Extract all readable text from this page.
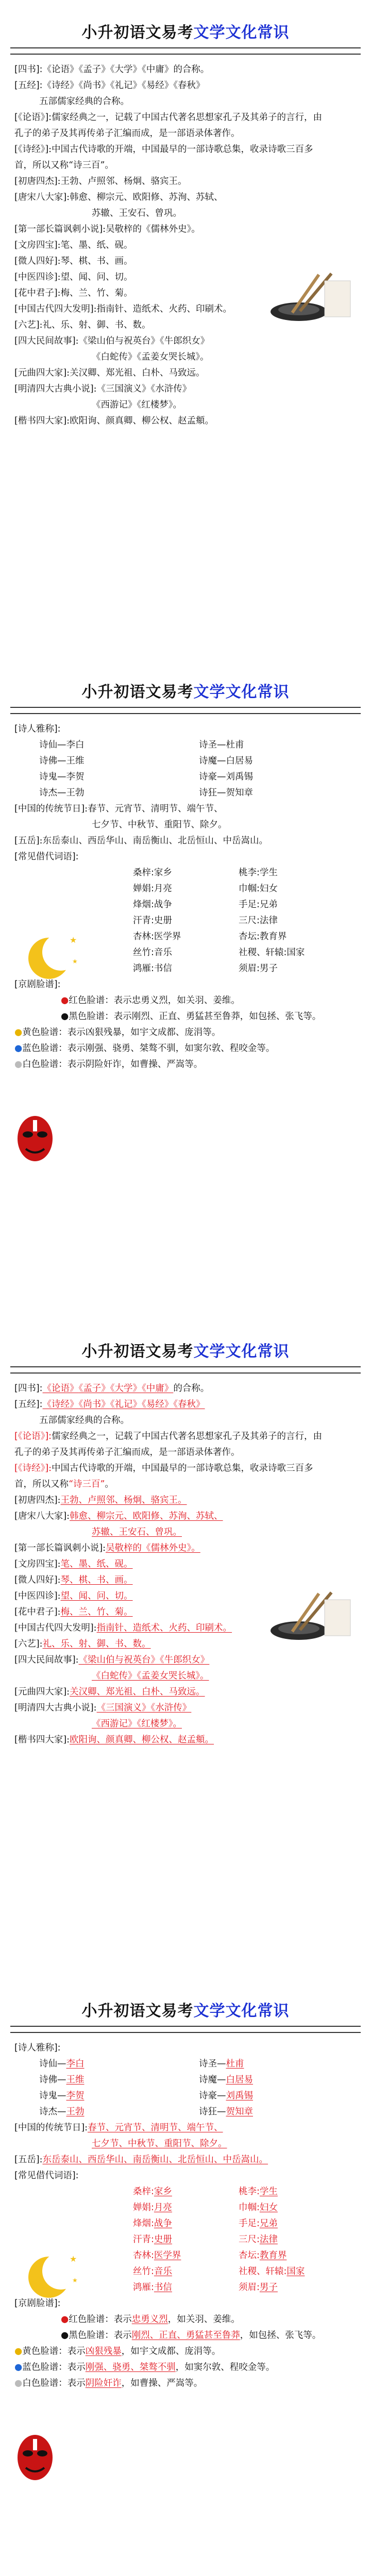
小升初语文易考文学文化常识
[四书]:《论语》《孟子》《大学》《中庸》的合称。
[五经]:《诗经》《尚书》《礼记》《易经》《春秋》
五部儒家经典的合称。
[《论语》]:儒家经典之一，记载了中国古代著名思想家孔子及其弟子的言行，由孔子的弟子及其再传弟子汇编而成，是一部语录体著作。
[《诗经》]:中国古代诗歌的开端，中国最早的一部诗歌总集，收录诗歌三百多首，所以又称“诗三百”。
[初唐四杰]:王勃、卢照邻、杨炯、骆宾王。
[唐宋八大家]:韩愈、柳宗元、欧阳修、苏洵、苏轼、
苏辙、王安石、曾巩。
[第一部长篇讽刺小说]:吴敬梓的《儒林外史》。
[文房四宝]:笔、墨、纸、砚。
[微人四好]:琴、棋、书、画。
[中医四诊]:望、闻、问、切。
[花中君子]:梅、兰、竹、菊。
[中国古代四大发明]:指南针、造纸术、火药、印刷术。
[六艺]:礼、乐、射、御、书、数。
[四大民间故事]:《梁山伯与祝英台》《牛郎织女》
《白蛇传》《孟姜女哭长城》。
[元曲四大家]:关汉卿、郑光祖、白朴、马致远。
[明清四大古典小说]:《三国演义》《水浒传》
《西游记》《红楼梦》。
[楷书四大家]:欧阳询、颜真卿、柳公权、赵孟頫。
小升初语文易考文学文化常识
[诗人雅称]:
诗仙—李白	诗圣—杜甫
诗佛—王维	诗魔—白居易
诗鬼—李贺	诗豪—刘禹锡
诗杰—王勃	诗狂—贺知章
[中国的传统节日]:春节、元宵节、清明节、端午节、
七夕节、中秋节、重阳节、除夕。
[五岳]:东岳泰山、西岳华山、南岳衡山、北岳恒山、中岳嵩山。
[常见借代词语]:
桑梓:家乡	桃李:学生
婵娟:月亮	巾帼:妇女
烽烟:战争	手足:兄弟
汗青:史册	三尺:法律
杏林:医学界	杏坛:教育界
丝竹:音乐	社稷、轩辕:国家
鸿雁:书信	须眉:男子
[京剧脸谱]:
●红色脸谱：表示忠勇义烈，如关羽、姜维。
●黑色脸谱：表示刚烈、正直、勇猛甚至鲁莽，如包拯、张飞等。
●黄色脸谱：表示凶狠残暴，如宇文成都、庞涓等。
●蓝色脸谱：表示刚强、骁勇、桀骜不驯，如窦尔敦、程咬金等。
●白色脸谱：表示阴险奸诈，如曹操、严嵩等。
★
★
小升初语文易考文学文化常识
[四书]:《论语》《孟子》《大学》《中庸》的合称。
[五经]:《诗经》《尚书》《礼记》《易经》《春秋》
五部儒家经典的合称。
[《论语》]:儒家经典之一，记载了中国古代著名思想家孔子及其弟子的言行，由孔子的弟子及其再传弟子汇编而成，是一部语录体著作。
[《诗经》]:中国古代诗歌的开端，中国最早的一部诗歌总集，收录诗歌三百多首，所以又称“诗三百”。
[初唐四杰]:王勃、卢照邻、杨炯、骆宾王。
[唐宋八大家]:韩愈、柳宗元、欧阳修、苏洵、苏轼、
苏辙、王安石、曾巩。
[第一部长篇讽刺小说]:吴敬梓的《儒林外史》。
[文房四宝]:笔、墨、纸、砚。
[微人四好]:琴、棋、书、画。
[中医四诊]:望、闻、问、切。
[花中君子]:梅、兰、竹、菊。
[中国古代四大发明]:指南针、造纸术、火药、印刷术。
[六艺]:礼、乐、射、御、书、数。
[四大民间故事]:《梁山伯与祝英台》《牛郎织女》
《白蛇传》《孟姜女哭长城》。
[元曲四大家]:关汉卿、郑光祖、白朴、马致远。
[明清四大古典小说]:《三国演义》《水浒传》
《西游记》《红楼梦》。
[楷书四大家]:欧阳询、颜真卿、柳公权、赵孟頫。
小升初语文易考文学文化常识
[诗人雅称]:
诗仙—李白	诗圣—杜甫
诗佛—王维	诗魔—白居易
诗鬼—李贺	诗豪—刘禹锡
诗杰—王勃	诗狂—贺知章
[中国的传统节日]:春节、元宵节、清明节、端午节、
七夕节、中秋节、重阳节、除夕。
[五岳]:东岳泰山、西岳华山、南岳衡山、北岳恒山、中岳嵩山。
[常见借代词语]:
桑梓:家乡	桃李:学生
婵娟:月亮	巾帼:妇女
烽烟:战争	手足:兄弟
汗青:史册	三尺:法律
杏林:医学界	杏坛:教育界
丝竹:音乐	社稷、轩辕:国家
鸿雁:书信	须眉:男子
[京剧脸谱]:
●红色脸谱：表示忠勇义烈，如关羽、姜维。
●黑色脸谱：表示刚烈、正直、勇猛甚至鲁莽，如包拯、张飞等。
●黄色脸谱：表示凶狠残暴，如宇文成都、庞涓等。
●蓝色脸谱：表示刚强、骁勇、桀骜不驯，如窦尔敦、程咬金等。
●白色脸谱：表示阴险奸诈，如曹操、严嵩等。
★
★
